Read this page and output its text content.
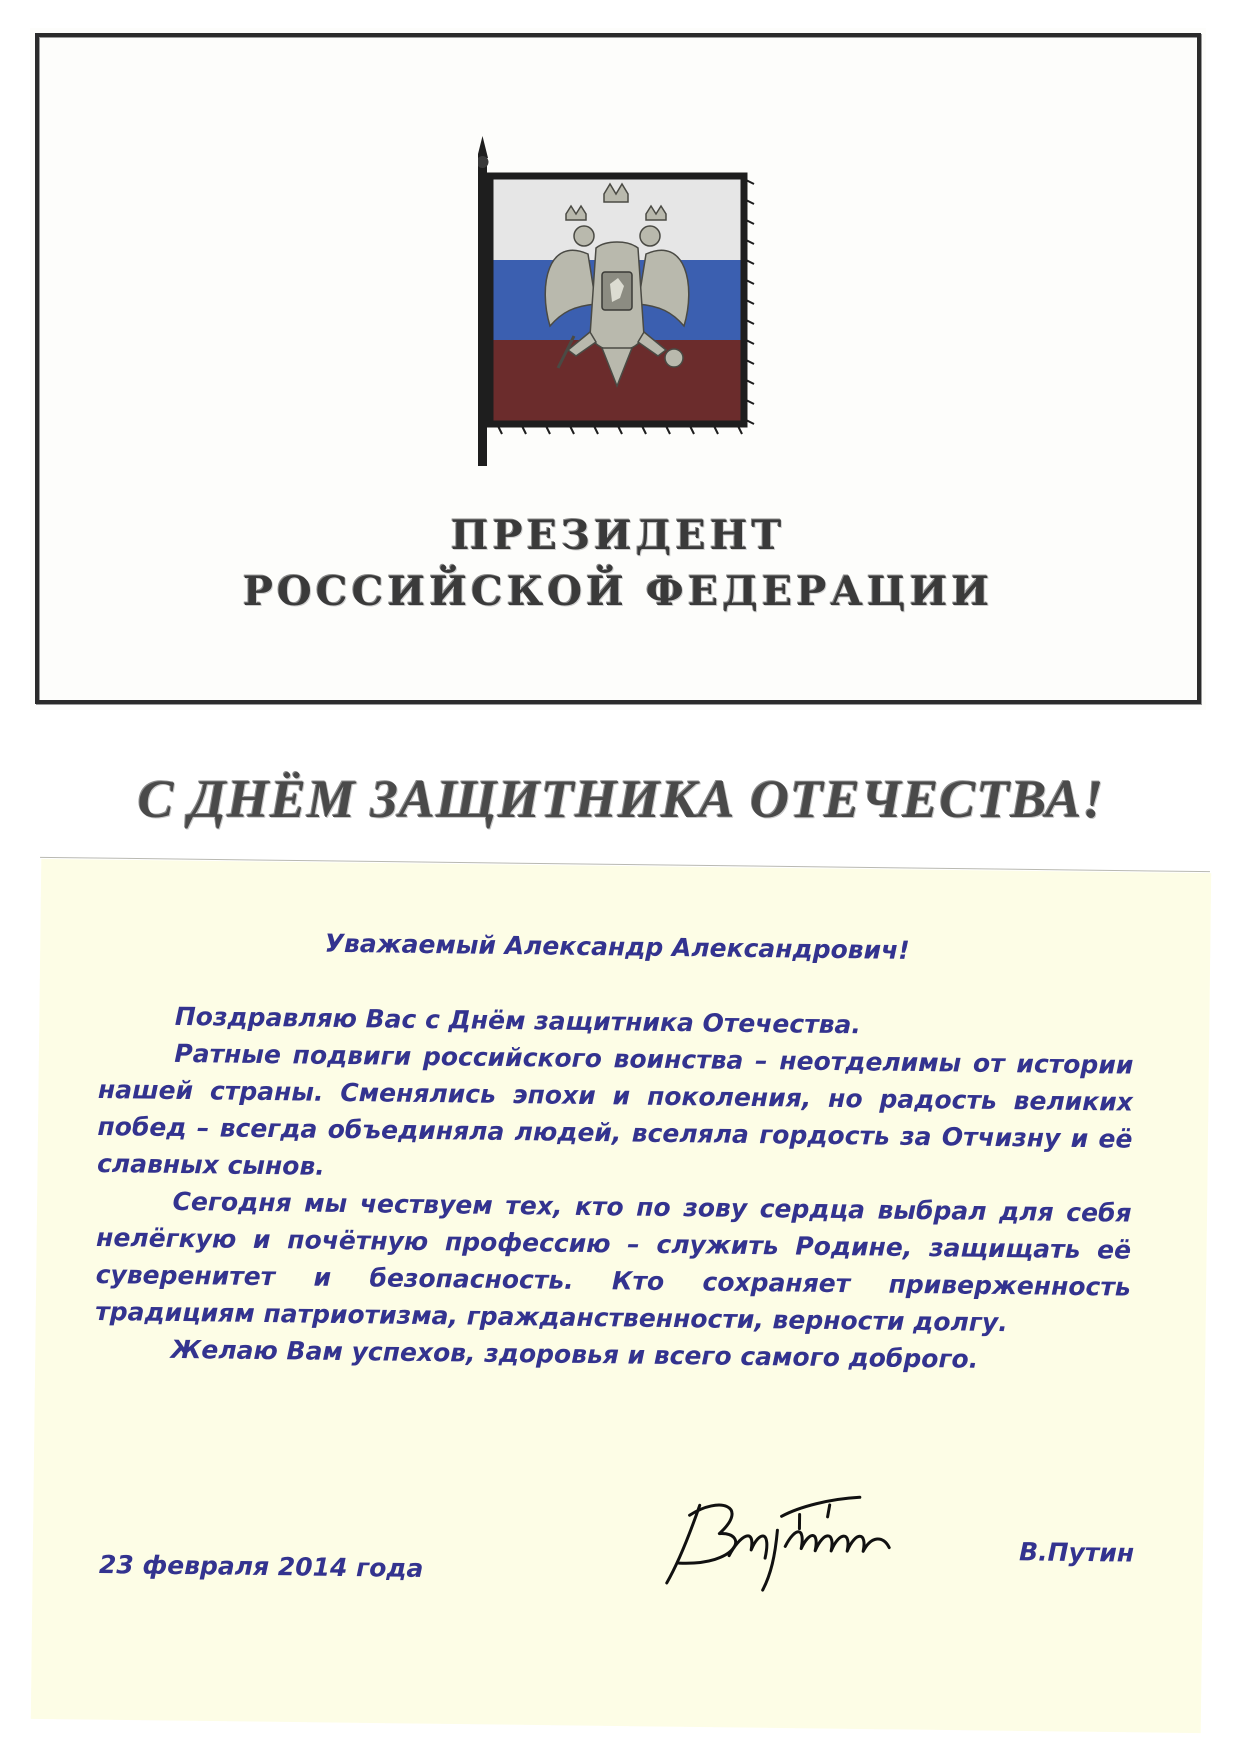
ПРЕЗИДЕНТ
РОССИЙСКОЙ ФЕДЕРАЦИИ
С ДНЁМ ЗАЩИТНИКА ОТЕЧЕСТВА!

Уважаемый Александр Александрович!

Поздравляю Вас с Днём защитника Отечества.

Ратные подвиги российского воинства – неотделимы от истории нашей страны. Сменялись эпохи и поколения, но радость великих побед – всегда объединяла людей, вселяла гордость за Отчизну и её славных сынов.

Сегодня мы чествуем тех, кто по зову сердца выбрал для себя нелёгкую и почётную профессию – служить Родине, защищать её суверенитет и безопасность. Кто сохраняет приверженность традициям патриотизма, гражданственности, верности долгу.

Желаю Вам успехов, здоровья и всего самого доброго.

23 февраля 2014 года	В.Путин
